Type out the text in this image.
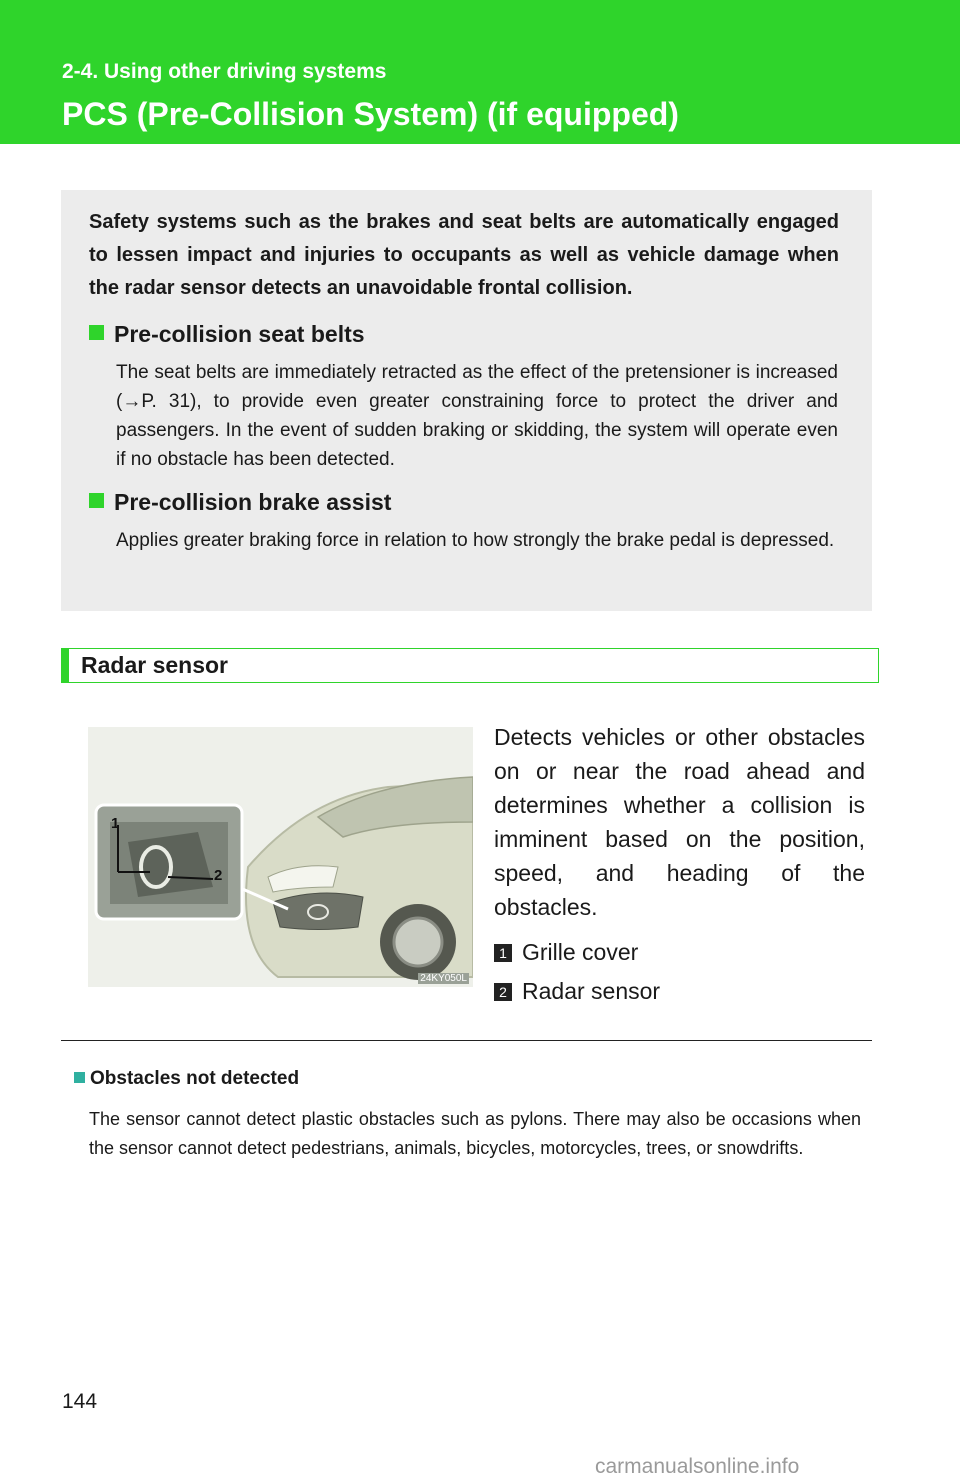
2-4. Using other driving systems
PCS (Pre-Collision System) (if equipped)
Safety systems such as the brakes and seat belts are automatically engaged to lessen impact and injuries to occupants as well as vehicle damage when the radar sensor detects an unavoidable frontal collision.
Pre-collision seat belts
The seat belts are immediately retracted as the effect of the pretensioner is increased (→P. 31), to provide even greater constraining force to protect the driver and passengers. In the event of sudden braking or skidding, the system will operate even if no obstacle has been detected.
Pre-collision brake assist
Applies greater braking force in relation to how strongly the brake pedal is depressed.
Radar sensor
1
2
24KY050L
Detects vehicles or other obstacles on or near the road ahead and determines whether a collision is imminent based on the position, speed, and heading of the obstacles.
1 Grille cover
2 Radar sensor
Obstacles not detected
The sensor cannot detect plastic obstacles such as pylons. There may also be occasions when the sensor cannot detect pedestrians, animals, bicycles, motorcycles, trees, or snowdrifts.
144
carmanualsonline.info
